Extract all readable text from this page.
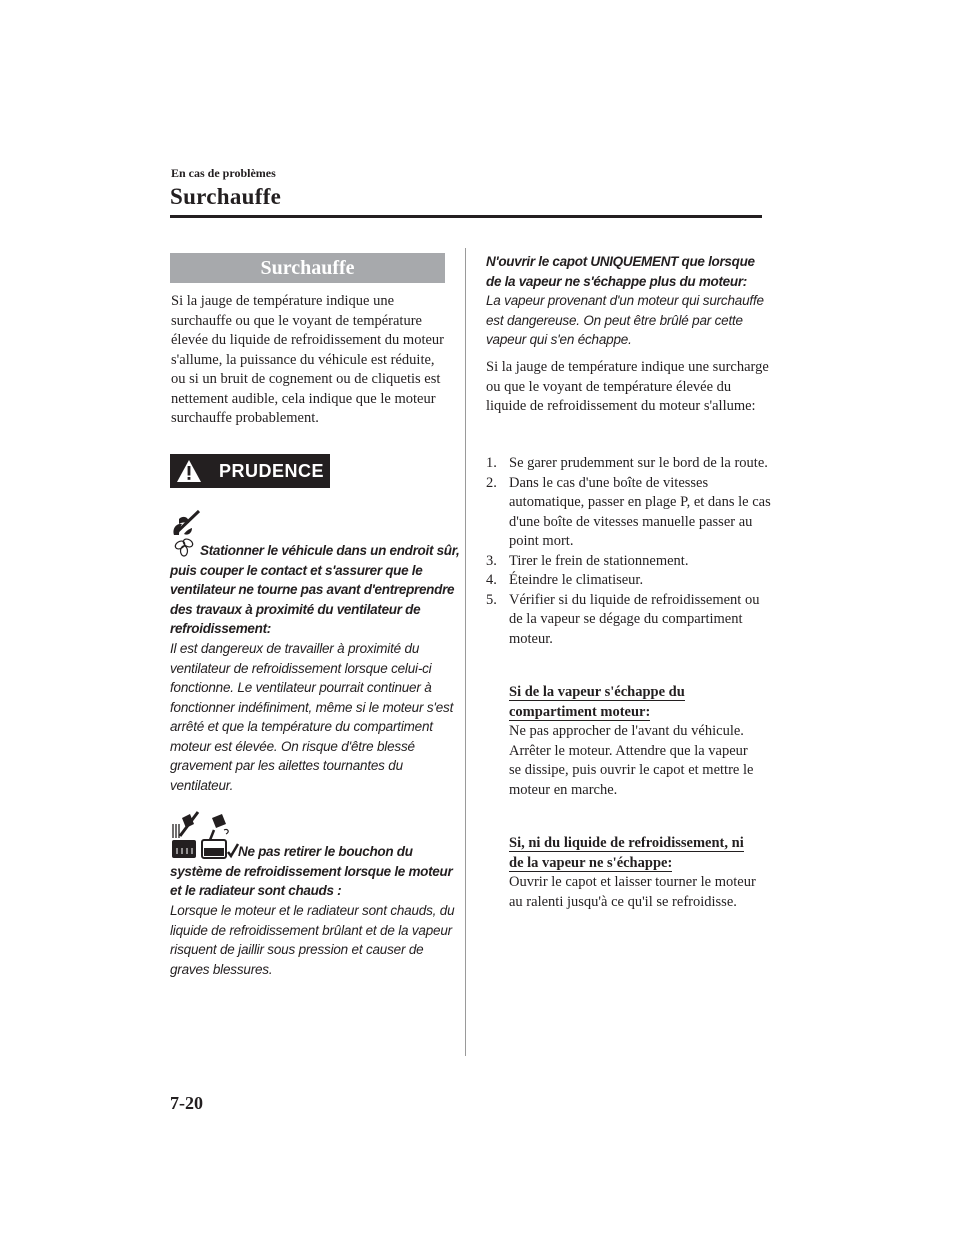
En cas de problèmes
Surchauffe
Surchauffe
Si la jauge de température indique une surchauffe ou que le voyant de température élevée du liquide de refroidissement du moteur s'allume, la puissance du véhicule est réduite, ou si un bruit de cognement ou de cliquetis est nettement audible, cela indique que le moteur surchauffe probablement.
PRUDENCE
Stationner le véhicule dans un endroit sûr, puis couper le contact et s'assurer que le ventilateur ne tourne pas avant d'entreprendre des travaux à proximité du ventilateur de refroidissement:
Il est dangereux de travailler à proximité du ventilateur de refroidissement lorsque celui-ci fonctionne. Le ventilateur pourrait continuer à fonctionner indéfiniment, même si le moteur s'est arrêté et que la température du compartiment moteur est élevée. On risque d'être blessé gravement par les ailettes tournantes du ventilateur.
Ne pas retirer le bouchon du système de refroidissement lorsque le moteur et le radiateur sont chauds :
Lorsque le moteur et le radiateur sont chauds, du liquide de refroidissement brûlant et de la vapeur risquent de jaillir sous pression et causer de graves blessures.
N'ouvrir le capot UNIQUEMENT que lorsque de la vapeur ne s'échappe plus du moteur:
La vapeur provenant d'un moteur qui surchauffe est dangereuse. On peut être brûlé par cette vapeur qui s'en échappe.
Si la jauge de température indique une surcharge ou que le voyant de température élevée du liquide de refroidissement du moteur s'allume:
1. Se garer prudemment sur le bord de la route.
2. Dans le cas d'une boîte de vitesses automatique, passer en plage P, et dans le cas d'une boîte de vitesses manuelle passer au point mort.
3. Tirer le frein de stationnement.
4. Éteindre le climatiseur.
5. Vérifier si du liquide de refroidissement ou de la vapeur se dégage du compartiment moteur.
Si de la vapeur s'échappe du compartiment moteur:
Ne pas approcher de l'avant du véhicule. Arrêter le moteur. Attendre que la vapeur se dissipe, puis ouvrir le capot et mettre le moteur en marche.
Si, ni du liquide de refroidissement, ni de la vapeur ne s'échappe:
Ouvrir le capot et laisser tourner le moteur au ralenti jusqu'à ce qu'il se refroidisse.
7-20
